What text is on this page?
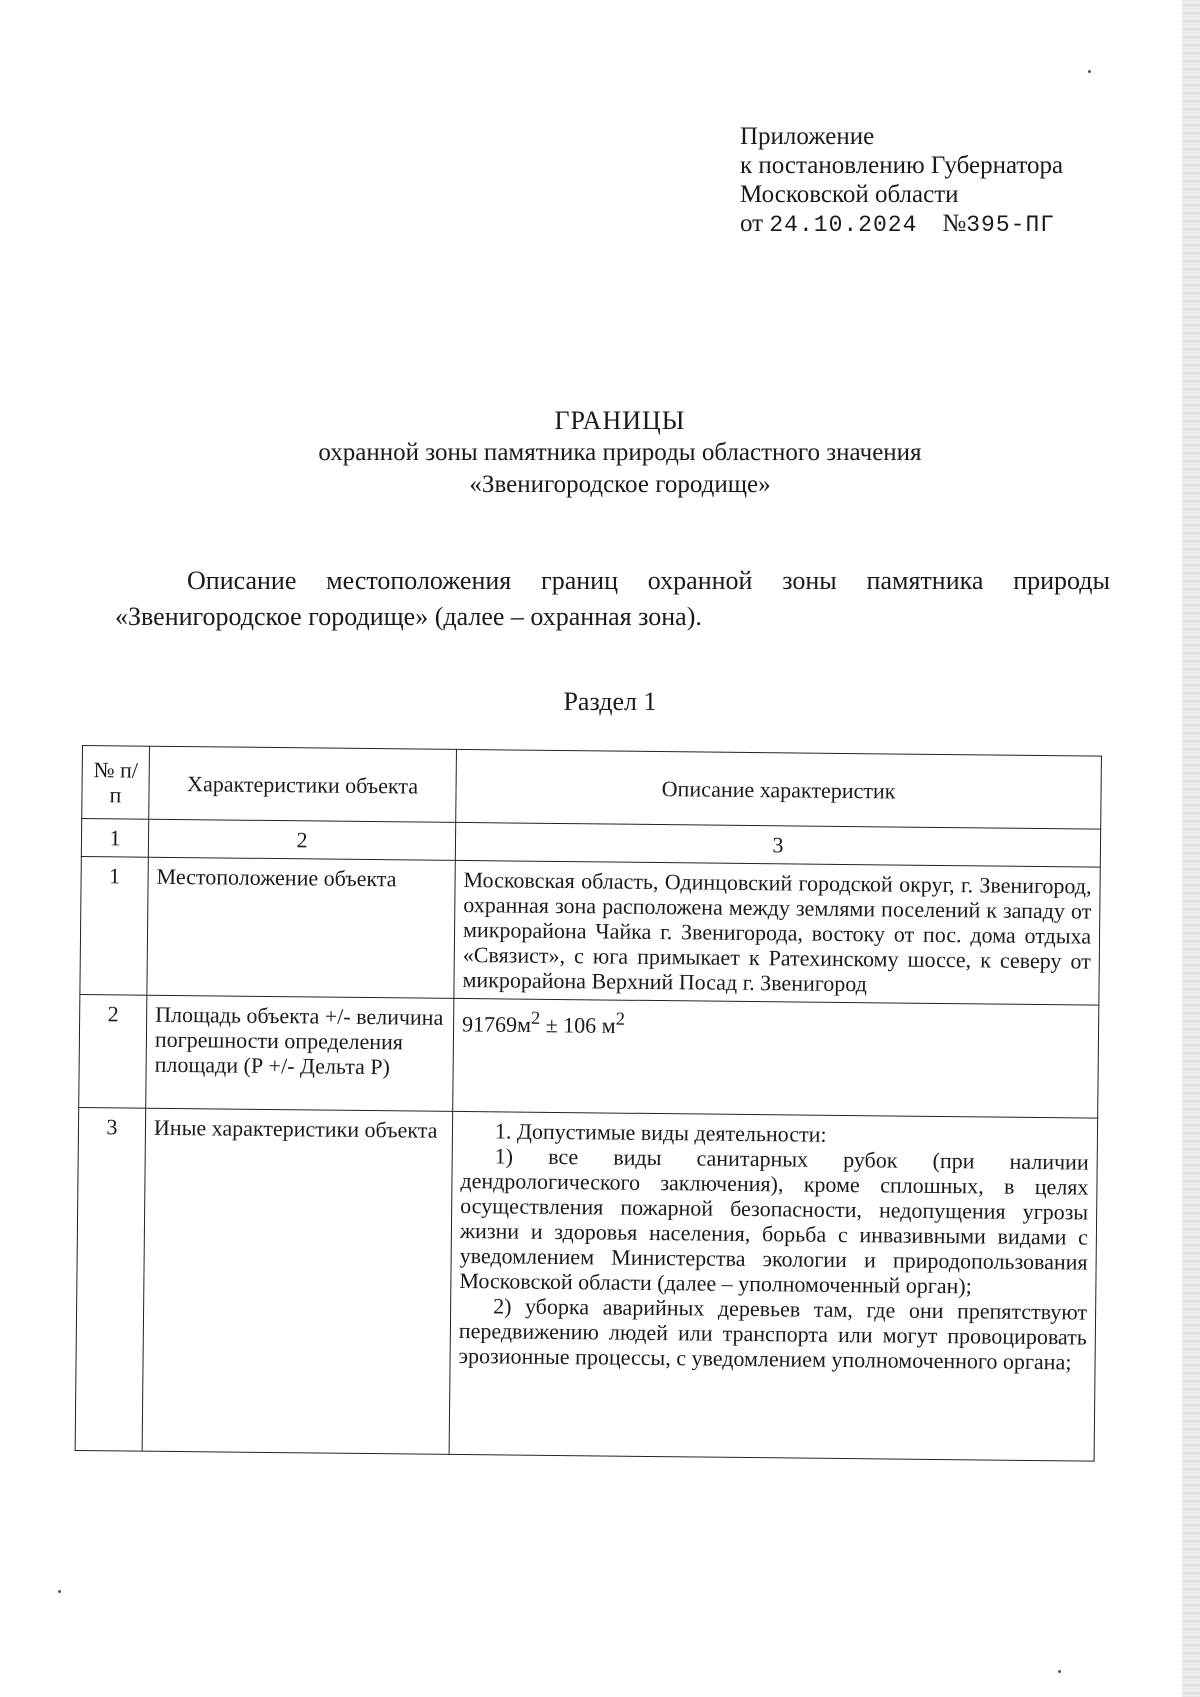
Приложение
к постановлению Губернатора
Московской области
от 24.10.2024 №395-ПГ
ГРАНИЦЫ
охранной зоны памятника природы областного значения
«Звенигородское городище»
Описание местоположения границ охранной зоны памятника природы «Звенигородское городище» (далее – охранная зона).
Раздел 1
№ п/п	Характеристики объекта	Описание характеристик
1	2	3
1	Местоположение объекта	Московская область, Одинцовский городской округ, г. Звенигород, охранная зона расположена между землями поселений к западу от микрорайона Чайка г. Звенигорода, востоку от пос. дома отдыха «Связист», с юга примыкает к Ратехинскому шоссе, к северу от микрорайона Верхний Посад г. Звенигород
2	Площадь объекта +/- величина погрешности определения площади (Р +/- Дельта Р)	$91769м^2 \pm 106$ $м^2$
3	Иные характеристики объекта	1. Допустимые виды деятельности:
1) все виды санитарных рубок (при наличии дендрологического заключения), кроме сплошных, в целях осуществления пожарной безопасности, недопущения угрозы жизни и здоровья населения, борьба с инвазивными видами с уведомлением Министерства экологии и природопользования Московской области (далее – уполномоченный орган);
2) уборка аварийных деревьев там, где они препятствуют передвижению людей или транспорта или могут провоцировать эрозионные процессы, с уведомлением уполномоченного органа;
